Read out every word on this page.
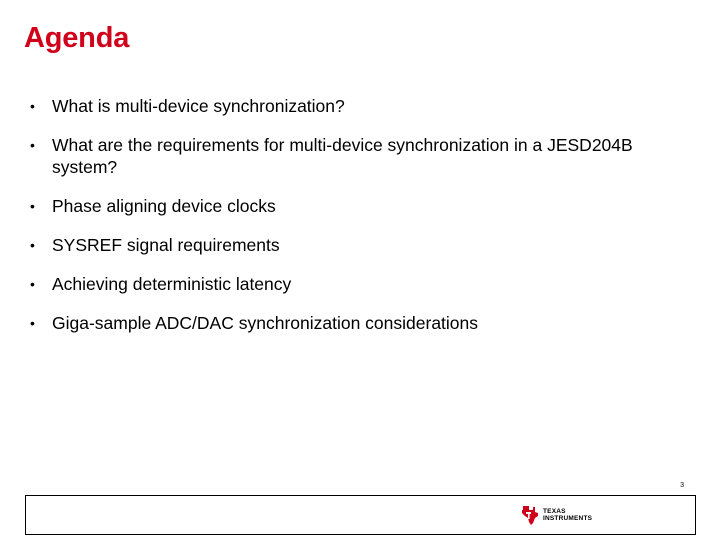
Agenda
• What is multi-device synchronization?
• What are the requirements for multi-device synchronization in a JESD204B system?
• Phase aligning device clocks
• SYSREF signal requirements
• Achieving deterministic latency
• Giga-sample ADC/DAC synchronization considerations
3
TEXAS
INSTRUMENTS
